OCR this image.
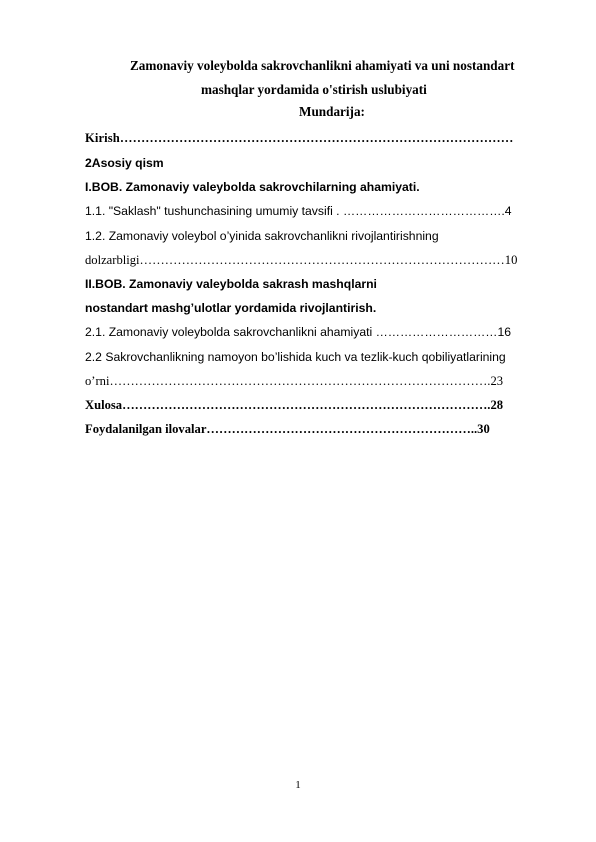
Zamonaviy voleybolda sakrovchanlikni ahamiyati va uni nostandart
mashqlar yordamida o'stirish uslubiyati
Mundarija:
Kirish…………………………………………………………………………………
2Asosiy qism
I.BOB. Zamonaviy valeybolda sakrovchilarning ahamiyati.
1.1. "Saklash" tushunchasining umumiy tavsifi . ………………………………….4
1.2. Zamonaviy voleybol o’yinida sakrovchanlikni rivojlantirishning
dolzarbligi……………………………………………………………………………10
II.BOB. Zamonaviy valeybolda sakrash mashqlarni
nostandart mashg’ulotlar yordamida rivojlantirish.
2.1. Zamonaviy voleybolda sakrovchanlikni ahamiyati …………………………16
2.2 Sakrovchanlikning namoyon bo’lishida kuch va tezlik-kuch qobiliyatlarining
o’rni……………………………………………………………………………….23
Xulosa…………………………………………………………………………….28
Foydalanilgan ilovalar………………………………………………………..30
1
